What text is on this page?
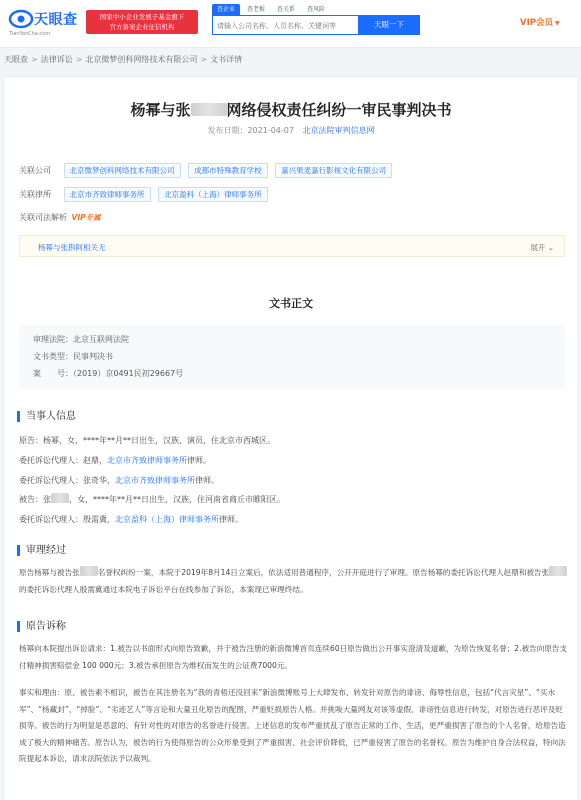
天眼查
TianYanCha.com
国家中小企业发展子基金旗下
官方备案企业征信机构
查企业	查老板	查关系	查风险
请输入公司名称、人员名称、关键词等
天眼一下	VIP会员 ▼
天眼查 > 法律诉讼 > 北京微梦创科网络技术有限公司 > 文书详情
杨幂与张 网络侵权责任纠纷一审民事判决书
发布日期：2021-04-07 北京法院审判信息网
关联公司 北京微梦创科网络技术有限公司	成都市特殊教育学校	嘉兴果麦嘉行影视文化有限公司
关联律所 北京市齐致律师事务所	北京盈科（上海）律师事务所
关联司法解析 VIP专属
杨幂与张斟阿相关无	展开 ⌄
文书正文
审理法院：北京互联网法院
文书类型：民事判决书
案　　号：（2019）京0491民初29667号
当事人信息
原告：杨幂，女，****年**月**日出生，汉族，演员，住北京市西城区。
委托诉讼代理人：赵鼎，北京市齐致律师事务所律师。
委托诉讼代理人：张奇华，北京市齐致律师事务所律师。
被告：张 ，女，****年**月**日出生，汉族，住河南省商丘市睢阳区。
委托诉讼代理人：殷需冀，北京盈科（上海）律师事务所律师。
审理经过
原告杨幂与被告张 名誉权纠纷一案，本院于2019年8月14日立案后，依法适用普通程序，公开开庭进行了审理。原告杨幂的委托诉讼代理人赵鼎和被告张的委托诉讼代理人殷需冀通过本院电子诉讼平台在线参加了诉讼，本案现已审理终结。
原告诉称
杨幂向本院提出诉讼请求：1.被告以书面形式向原告致歉，并于被告注册的新浪微博首页连续60日原告做出公开事实澄清及道歉，为原告恢复名誉；2.被告向原告支付精神损害赔偿金 100 000元；3.被告承担原告为维权而发生的公证费7000元。
事实和理由：原、被告素不相识，被告在其注册名为“我的青梧还没回来”新浪微博账号上大肆发布、转发针对原告的诽谤、侮辱性信息，包括“代言灾星”、“买水军”、“杨藏封”、“掉脸”、“劣迹艺人”等言论和大量丑化原告的配图，严重贬损原告人格。并挑唆大量网友对该等虚假、诽谤性信息进行转发，对原告进行恶评及贬损等。被告的行为明显是恶意的、有针对性的对原告的名誉进行侵害。上述信息的发布严重扰乱了原告正常的工作、生活，更严重损害了原告的个人名誉，给原告造成了极大的精神痛苦。原告认为，被告的行为使得原告的公众形象受到了严重损害、社会评价降低，已严重侵害了原告的名誉权。原告为维护自身合法权益，特向法院提起本诉讼，请求法院依法予以裁判。
